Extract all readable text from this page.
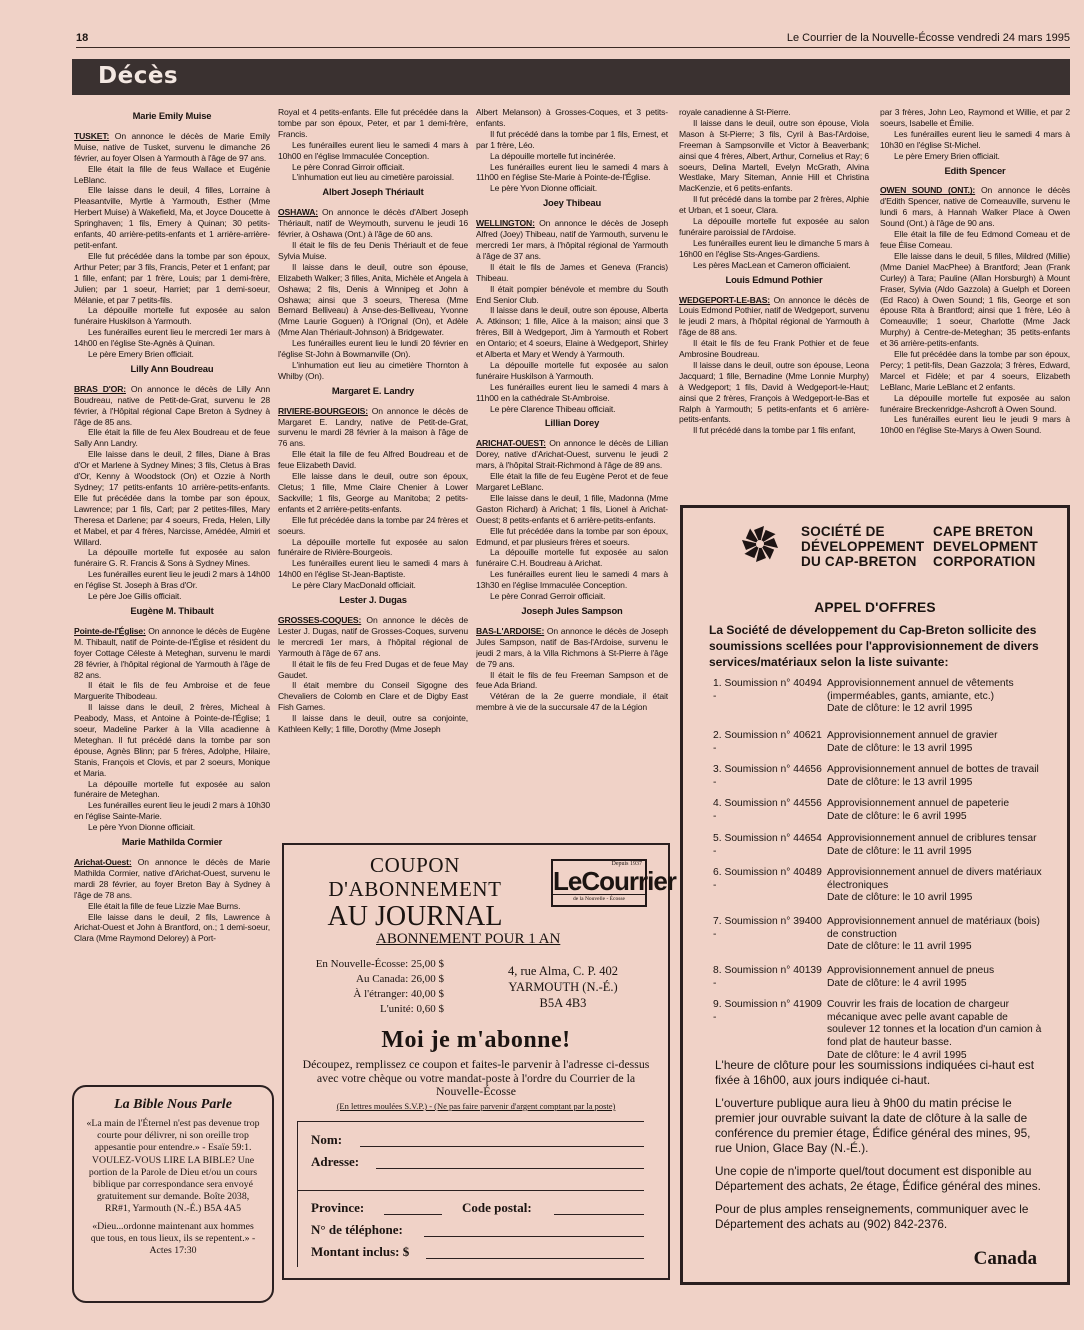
18	Le Courrier de la Nouvelle-Écosse vendredi 24 mars 1995
Décès
Marie Emily Muise

TUSKET: On annonce le décès de Marie Emily Muise, native de Tusket, survenu le dimanche 26 février, au foyer Olsen à Yarmouth à l'âge de 97 ans.

Elle était la fille de feus Wallace et Eugénie LeBlanc.

Elle laisse dans le deuil, 4 filles, Lorraine à Pleasantville, Myrtle à Yarmouth, Esther (Mme Herbert Muise) à Wakefield, Ma, et Joyce Doucette à Springhaven; 1 fils, Emery à Quinan; 30 petits-enfants, 40 arrière-petits-enfants et 1 arrière-arrière-petit-enfant.

Elle fut précédée dans la tombe par son époux, Arthur Peter; par 3 fils, Francis, Peter et 1 enfant; par 1 fille, enfant; par 1 frère, Louis; par 1 demi-frère, Julien; par 1 soeur, Harriet; par 1 demi-soeur, Mélanie, et par 7 petits-fils.

La dépouille mortelle fut exposée au salon funéraire Huskilson à Yarmouth.

Les funérailles eurent lieu le mercredi 1er mars à 14h00 en l'église Ste-Agnès à Quinan.

Le père Emery Brien officiait.

Lilly Ann Boudreau

BRAS D'OR: On annonce le décès de Lilly Ann Boudreau, native de Petit-de-Grat, survenu le 28 février, à l'Hôpital régional Cape Breton à Sydney à l'âge de 85 ans.

Elle était la fille de feu Alex Boudreau et de feue Sally Ann Landry.

Elle laisse dans le deuil, 2 filles, Diane à Bras d'Or et Marlene à Sydney Mines; 3 fils, Cletus à Bras d'Or, Kenny à Woodstock (On) et Ozzie à North Sydney; 17 petits-enfants 10 arrière-petits-enfants. Elle fut précédée dans la tombe par son époux, Lawrence; par 1 fils, Carl; par 2 petites-filles, Mary Theresa et Darlene; par 4 soeurs, Freda, Helen, Lilly et Mabel, et par 4 frères, Narcisse, Amédée, Almiri et Willard.

La dépouille mortelle fut exposée au salon funéraire G. R. Francis & Sons à Sydney Mines.

Les funérailles eurent lieu le jeudi 2 mars à 14h00 en l'église St. Joseph à Bras d'Or.

Le père Joe Gillis officiait.

Eugène M. Thibault

Pointe-de-l'Église: On annonce le décès de Eugène M. Thibault, natif de Pointe-de-l'Église et résident du foyer Cottage Céleste à Meteghan, survenu le mardi 28 février, à l'hôpital régional de Yarmouth à l'âge de 82 ans.

Il était le fils de feu Ambroise et de feue Marguerite Thibodeau.

Il laisse dans le deuil, 2 frères, Micheal à Peabody, Mass, et Antoine à Pointe-de-l'Église; 1 soeur, Madeline Parker à la Villa acadienne à Meteghan. Il fut précédé dans la tombe par son épouse, Agnès Blinn; par 5 frères, Adolphe, Hilaire, Stanis, François et Clovis, et par 2 soeurs, Monique et Maria.

La dépouille mortelle fut exposée au salon funéraire de Meteghan.

Les funérailles eurent lieu le jeudi 2 mars à 10h30 en l'église Sainte-Marie.

Le père Yvon Dionne officiait.

Marie Mathilda Cormier

Arichat-Ouest: On annonce le décès de Marie Mathilda Cormier, native d'Arichat-Ouest, survenu le mardi 28 février, au foyer Breton Bay à Sydney à l'âge de 78 ans.

Elle était la fille de feue Lizzie Mae Burns.

Elle laisse dans le deuil, 2 fils, Lawrence à Arichat-Ouest et John à Brantford, on.; 1 demi-soeur, Clara (Mme Raymond Delorey) à Port-

Royal et 4 petits-enfants. Elle fut précédée dans la tombe par son époux, Peter, et par 1 demi-frère, Francis.

Les funérailles eurent lieu le samedi 4 mars à 10h00 en l'église Immaculée Conception.

Le père Conrad Girroir officiait.

L'inhumation eut lieu au cimetière paroissial.

Albert Joseph Thériault

OSHAWA: On annonce le décès d'Albert Joseph Thériault, natif de Weymouth, survenu le jeudi 16 février, à Oshawa (Ont.) à l'âge de 60 ans.

Il était le fils de feu Denis Thériault et de feue Sylvia Muise.

Il laisse dans le deuil, outre son épouse, Elizabeth Walker; 3 filles, Anita, Michèle et Angela à Oshawa; 2 fils, Denis à Winnipeg et John à Oshawa; ainsi que 3 soeurs, Theresa (Mme Bernard Belliveau) à Anse-des-Belliveau, Yvonne (Mme Laurie Goguen) à l'Orignal (On), et Adèle (Mme Alan Thériault-Johnson) à Bridgewater.

Les funérailles eurent lieu le lundi 20 février en l'église St-John à Bowmanville (On).

L'inhumation eut lieu au cimetière Thornton à Whilby (On).

Margaret E. Landry

RIVIERE-BOURGEOIS: On annonce le décès de Margaret E. Landry, native de Petit-de-Grat, survenu le mardi 28 février à la maison à l'âge de 76 ans.

Elle était la fille de feu Alfred Boudreau et de feue Elizabeth David.

Elle laisse dans le deuil, outre son époux, Cletus; 1 fille, Mme Claire Chenier à Lower Sackville; 1 fils, George au Manitoba; 2 petits-enfants et 2 arrière-petits-enfants.

Elle fut précédée dans la tombe par 24 frères et soeurs.

La dépouille mortelle fut exposée au salon funéraire de Rivière-Bourgeois.

Les funérailles eurent lieu le samedi 4 mars à 14h00 en l'église St-Jean-Baptiste.

Le père Clary MacDonald officiait.

Lester J. Dugas

GROSSES-COQUES: On annonce le décès de Lester J. Dugas, natif de Grosses-Coques, survenu le mercredi 1er mars, à l'hôpital régional de Yarmouth à l'âge de 67 ans.

Il était le fils de feu Fred Dugas et de feue May Gaudet.

Il était membre du Conseil Sigogne des Chevaliers de Colomb en Clare et de Digby East Fish Games.

Il laisse dans le deuil, outre sa conjointe, Kathleen Kelly; 1 fille, Dorothy (Mme Joseph

Albert Melanson) à Grosses-Coques, et 3 petits-enfants.

Il fut précédé dans la tombe par 1 fils, Ernest, et par 1 frère, Léo.

La dépouille mortelle fut incinérée.

Les funérailles eurent lieu le samedi 4 mars à 11h00 en l'église Ste-Marie à Pointe-de-l'Église.

Le père Yvon Dionne officiait.

Joey Thibeau

WELLINGTON: On annonce le décès de Joseph Alfred (Joey) Thibeau, natif de Yarmouth, survenu le mercredi 1er mars, à l'hôpital régional de Yarmouth à l'âge de 37 ans.

Il était le fils de James et Geneva (Francis) Thibeau.

Il était pompier bénévole et membre du South End Senior Club.

Il laisse dans le deuil, outre son épouse, Alberta A. Atkinson; 1 fille, Alice à la maison; ainsi que 3 frères, Bill à Wedgeport, Jim à Yarmouth et Robert en Ontario; et 4 soeurs, Elaine à Wedgeport, Shirley et Alberta et Mary et Wendy à Yarmouth.

La dépouille mortelle fut exposée au salon funéraire Huskilson à Yarmouth.

Les funérailles eurent lieu le samedi 4 mars à 11h00 en la cathédrale St-Ambroise.

Le père Clarence Thibeau officiait.

Lillian Dorey

ARICHAT-OUEST: On annonce le décès de Lillian Dorey, native d'Arichat-Ouest, survenu le jeudi 2 mars, à l'hôpital Strait-Richmond à l'âge de 89 ans.

Elle était la fille de feu Eugène Perot et de feue Margaret LeBlanc.

Elle laisse dans le deuil, 1 fille, Madonna (Mme Gaston Richard) à Arichat; 1 fils, Lionel à Arichat-Ouest; 8 petits-enfants et 6 arrière-petits-enfants.

Elle fut précédée dans la tombe par son époux, Edmund, et par plusieurs frères et soeurs.

La dépouille mortelle fut exposée au salon funéraire C.H. Boudreau à Arichat.

Les funérailles eurent lieu le samedi 4 mars à 13h30 en l'église Immaculée Conception.

Le père Conrad Gerroir officiait.

Joseph Jules Sampson

BAS-L'ARDOISE: On annonce le décès de Joseph Jules Sampson, natif de Bas-l'Ardoise, survenu le jeudi 2 mars, à la Villa Richmons à St-Pierre à l'âge de 79 ans.

Il était le fils de feu Freeman Sampson et de feue Ada Briand.

Vétéran de la 2e guerre mondiale, il était membre à vie de la succursale 47 de la Légion

royale canadienne à St-Pierre.

Il laisse dans le deuil, outre son épouse, Viola Mason à St-Pierre; 3 fils, Cyril à Bas-l'Ardoise, Freeman à Sampsonville et Victor à Beaverbank; ainsi que 4 frères, Albert, Arthur, Cornelius et Ray; 6 soeurs, Delina Martell, Evelyn McGrath, Alvina Westlake, Mary Siteman, Annie Hill et Christina MacKenzie, et 6 petits-enfants.

Il fut précédé dans la tombe par 2 frères, Alphie et Urban, et 1 soeur, Clara.

La dépouille mortelle fut exposée au salon funéraire paroissial de l'Ardoise.

Les funérailles eurent lieu le dimanche 5 mars à 16h00 en l'église Sts-Anges-Gardiens.

Les pères MacLean et Cameron officiaient.

Louis Edmund Pothier

WEDGEPORT-LE-BAS: On annonce le décès de Louis Edmond Pothier, natif de Wedgeport, survenu le jeudi 2 mars, à l'hôpital régional de Yarmouth à l'âge de 88 ans.

Il était le fils de feu Frank Pothier et de feue Ambrosine Boudreau.

Il laisse dans le deuil, outre son épouse, Leona Jacquard; 1 fille, Bernadine (Mme Lonnie Murphy) à Wedgeport; 1 fils, David à Wedgeport-le-Haut; ainsi que 2 frères, François à Wedgeport-le-Bas et Ralph à Yarmouth; 5 petits-enfants et 6 arrière-petits-enfants.

Il fut précédé dans la tombe par 1 fils enfant,

par 3 frères, John Leo, Raymond et Willie, et par 2 soeurs, Isabelle et Émilie.

Les funérailles eurent lieu le samedi 4 mars à 10h30 en l'église St-Michel.

Le père Emery Brien officiait.

Edith Spencer

OWEN SOUND (ONT.): On annonce le décès d'Edith Spencer, native de Comeauville, survenu le lundi 6 mars, à Hannah Walker Place à Owen Sound (Ont.) à l'âge de 90 ans.

Elle était la fille de feu Edmond Comeau et de feue Élise Comeau.

Elle laisse dans le deuil, 5 filles, Mildred (Millie) (Mme Daniel MacPhee) à Brantford; Jean (Frank Curley) à Tara; Pauline (Allan Horsburgh) à Mount Fraser, Sylvia (Aldo Gazzola) à Guelph et Doreen (Ed Raco) à Owen Sound; 1 fils, George et son épouse Rita à Brantford; ainsi que 1 frère, Léo à Comeauville; 1 soeur, Charlotte (Mme Jack Murphy) à Centre-de-Meteghan; 35 petits-enfants et 36 arrière-petits-enfants.

Elle fut précédée dans la tombe par son époux, Percy; 1 petit-fils, Dean Gazzola; 3 frères, Edward, Marcel et Fidèle; et par 4 soeurs, Elizabeth LeBlanc, Marie LeBlanc et 2 enfants.

La dépouille mortelle fut exposée au salon funéraire Breckenridge-Ashcroft à Owen Sound.

Les funérailles eurent lieu le jeudi 9 mars à 10h00 en l'église Ste-Marys à Owen Sound.

La Bible Nous Parle
«La main de l'Éternel n'est pas devenue trop courte pour délivrer, ni son oreille trop appesantie pour entendre.» - Esaïe 59:1. VOULEZ-VOUS LIRE LA BIBLE? Une portion de la Parole de Dieu et/ou un cours biblique par correspondance sera envoyé gratuitement sur demande. Boîte 2038, RR#1, Yarmouth (N.-É.) B5A 4A5
«Dieu...ordonne maintenant aux hommes que tous, en tous lieux, ils se repentent.» -Actes 17:30
COUPON D'ABONNEMENT
AU JOURNAL
Depuis 1937
LeCourrier
de la Nouvelle - Écosse
ABONNEMENT POUR 1 AN
En Nouvelle-Écosse: 25,00 $
Au Canada: 26,00 $
À l'étranger: 40,00 $
L'unité: 0,60 $
4, rue Alma, C. P. 402
YARMOUTH (N.-É.)
B5A 4B3
Moi je m'abonne!
Découpez, remplissez ce coupon et faites-le parvenir à l'adresse ci-dessus avec votre chèque ou votre mandat-poste à l'ordre du Courrier de la Nouvelle-Écosse
(En lettres moulées S.V.P.) - (Ne pas faire parvenir d'argent comptant par la poste)
Nom:
Adresse:
Province:	Code postal:
N° de téléphone:
Montant inclus: $
SOCIÉTÉ DE
DÉVELOPPEMENT
DU CAP-BRETON
CAPE BRETON
DEVELOPMENT
CORPORATION
APPEL D'OFFRES
La Société de développement du Cap-Breton sollicite des soumissions scellées pour l'approvisionnement de divers services/matériaux selon la liste suivante:
1. Soumission n° 40494 -
Approvisionnement annuel de vêtements (imperméables, gants, amiante, etc.)
Date de clôture: le 12 avril 1995
2. Soumission n° 40621 -
Approvisionnement annuel de gravier
Date de clôture: le 13 avril 1995
3. Soumission n° 44656 -
Approvisionnement annuel de bottes de travail
Date de clôture: le 13 avril 1995
4. Soumission n° 44556 -
Approvisionnement annuel de papeterie
Date de clôture: le 6 avril 1995
5. Soumission n° 44654 -
Approvisionnement annuel de criblures tensar
Date de clôture: le 11 avril 1995
6. Soumission n° 40489 -
Approvisionnement annuel de divers matériaux électroniques
Date de clôture: le 10 avril 1995
7. Soumission n° 39400 -
Approvisionnement annuel de matériaux (bois) de construction
Date de clôture: le 11 avril 1995
8. Soumission n° 40139 -
Approvisionnement annuel de pneus
Date de clôture: le 4 avril 1995
9. Soumission n° 41909 -
Couvrir les frais de location de chargeur mécanique avec pelle avant capable de soulever 12 tonnes et la location d'un camion à fond plat de hauteur basse.
Date de clôture: le 4 avril 1995
L'heure de clôture pour les soumissions indiquées ci-haut est fixée à 16h00, aux jours indiquée ci-haut.
L'ouverture publique aura lieu à 9h00 du matin précise le premier jour ouvrable suivant la date de clôture à la salle de conférence du premier étage, Édifice général des mines, 95, rue Union, Glace Bay (N.-É.).
Une copie de n'importe quel/tout document est disponible au Département des achats, 2e étage, Édifice général des mines.
Pour de plus amples renseignements, communiquer avec le Département des achats au (902) 842-2376.
Canada
